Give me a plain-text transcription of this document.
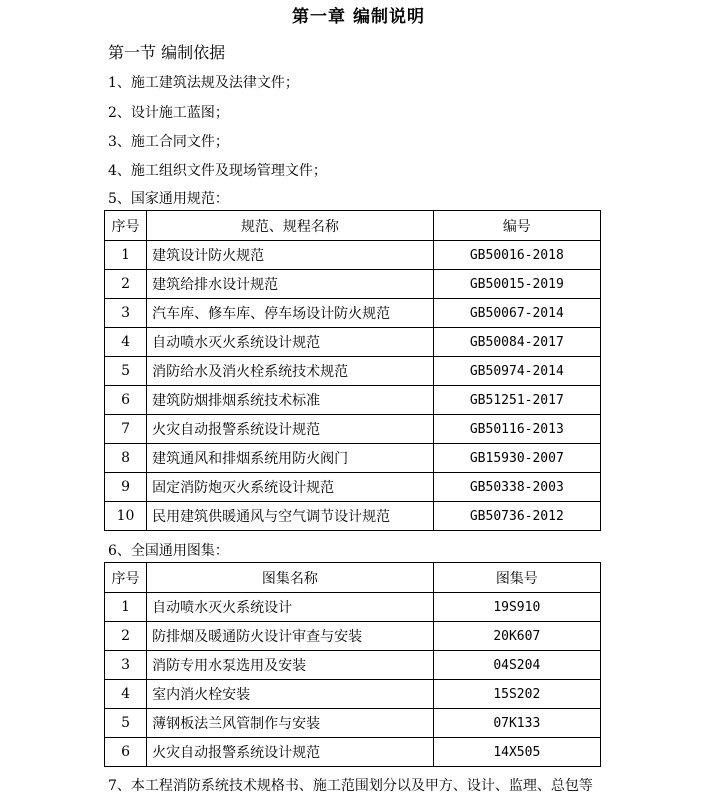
第一章 编制说明
第一节 编制依据
1、施工建筑法规及法律文件；
2、设计施工蓝图；
3、施工合同文件；
4、施工组织文件及现场管理文件；
5、国家通用规范：
序号	规范、规程名称	编号
1	建筑设计防火规范	GB50016-2018
2	建筑给排水设计规范	GB50015-2019
3	汽车库、修车库、停车场设计防火规范	GB50067-2014
4	自动喷水灭火系统设计规范	GB50084-2017
5	消防给水及消火栓系统技术规范	GB50974-2014
6	建筑防烟排烟系统技术标准	GB51251-2017
7	火灾自动报警系统设计规范	GB50116-2013
8	建筑通风和排烟系统用防火阀门	GB15930-2007
9	固定消防炮灭火系统设计规范	GB50338-2003
10	民用建筑供暖通风与空气调节设计规范	GB50736-2012
6、全国通用图集：
序号	图集名称	图集号
1	自动喷水灭火系统设计	19S910
2	防排烟及暖通防火设计审查与安装	20K607
3	消防专用水泵选用及安装	04S204
4	室内消火栓安装	15S202
5	薄钢板法兰风管制作与安装	07K133
6	火灾自动报警系统设计规范	14X505
7、本工程消防系统技术规格书、施工范围划分以及甲方、设计、监理、总包等
